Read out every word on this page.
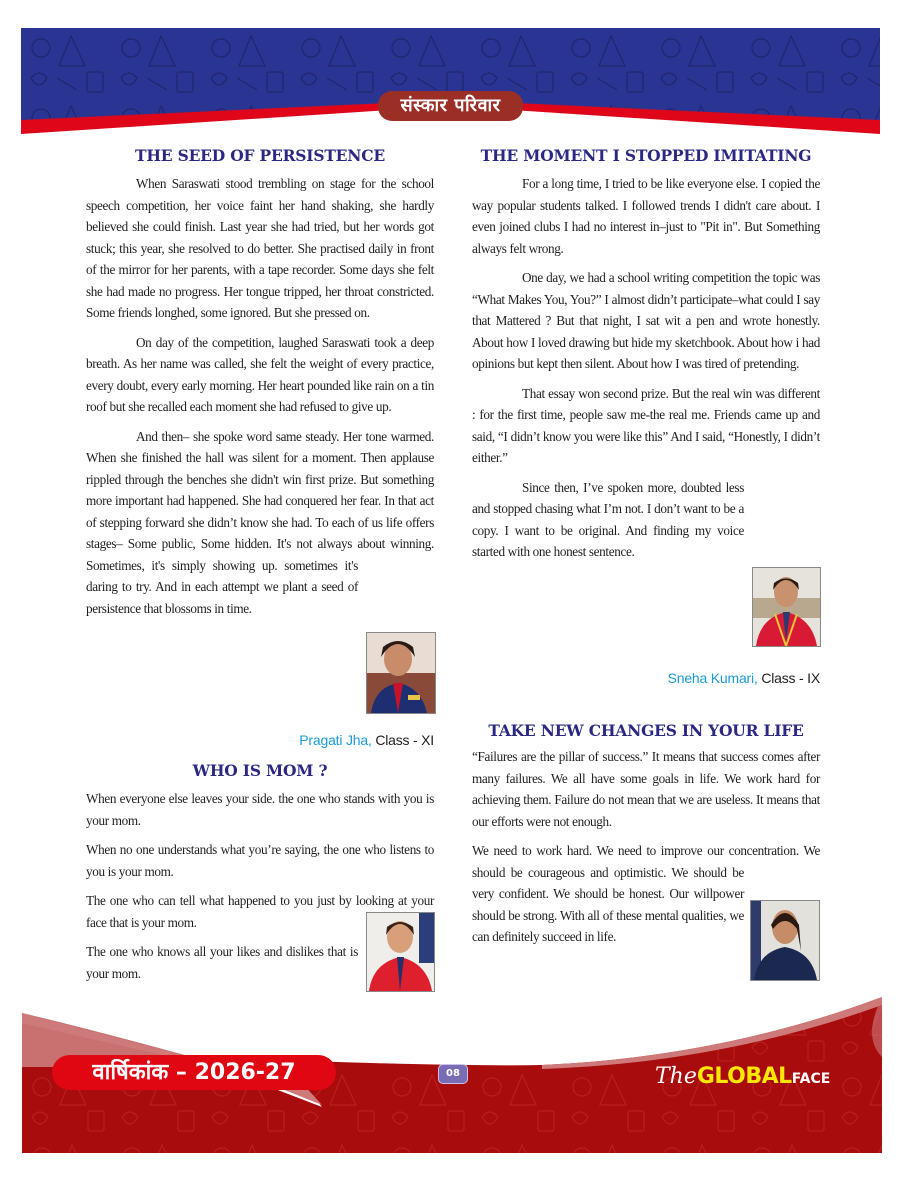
संस्कार परिवार
THE SEED OF PERSISTENCE

When Saraswati stood trembling on stage for the school speech competition, her voice faint her hand shaking, she hardly believed she could finish. Last year she had tried, but her words got stuck; this year, she resolved to do better. She practised daily in front of the mirror for her parents, with a tape recorder. Some days she felt she had made no progress. Her tongue tripped, her throat constricted. Some friends longhed, some ignored. But she pressed on.

On day of the competition, laughed Saraswati took a deep breath. As her name was called, she felt the weight of every practice, every doubt, every early morning. Her heart pounded like rain on a tin roof but she recalled each moment she had refused to give up.

And then– she spoke word same steady. Her tone warmed. When she finished the hall was silent for a moment. Then applause rippled through the benches she didn't win first prize. But something more important had happened. She had conquered her fear. In that act of stepping forward she didn’t know she had. To each of us life offers stages– Some public, Some hidden. It's not always about winning. Sometimes, it's simply showing up. sometimes it's daring to try. And in each attempt we plant a seed of persistence that blossoms in time.

Pragati Jha, Class - XI
WHO IS MOM ?

When everyone else leaves your side. the one who stands with you is your mom.

When no one understands what you’re saying, the one who listens to you is your mom.

The one who can tell what happened to you just by looking at your face that is your mom.

The one who knows all your likes and dislikes that is your mom.

THE MOMENT I STOPPED IMITATING

For a long time, I tried to be like everyone else. I copied the way popular students talked. I followed trends I didn't care about. I even joined clubs I had no interest in–just to "Pit in". But Something always felt wrong.

One day, we had a school writing competition the topic was “What Makes You, You?” I almost didn’t participate–what could I say that Mattered ? But that night, I sat wit a pen and wrote honestly. About how I loved drawing but hide my sketchbook. About how i had opinions but kept then silent. About how I was tired of pretending.

That essay won second prize. But the real win was different : for the first time, people saw me-the real me. Friends came up and said, “I didn’t know you were like this” And I said, “Honestly, I didn’t either.”

Since then, I’ve spoken more, doubted less and stopped chasing what I’m not. I don’t want to be a copy. I want to be original. And finding my voice started with one honest sentence.

Sneha Kumari, Class - IX
TAKE NEW CHANGES IN YOUR LIFE

“Failures are the pillar of success.” It means that success comes after many failures. We all have some goals in life. We work hard for achieving them. Failure do not mean that we are useless. It means that our efforts were not enough.

We need to work hard. We need to improve our concentration. We should be courageous and optimistic. We should be very confident. We should be honest. Our willpower should be strong. With all of these mental qualities, we can definitely succeed in life.

वार्षिकांक – 2026-27	08	TheGLOBALFACE
